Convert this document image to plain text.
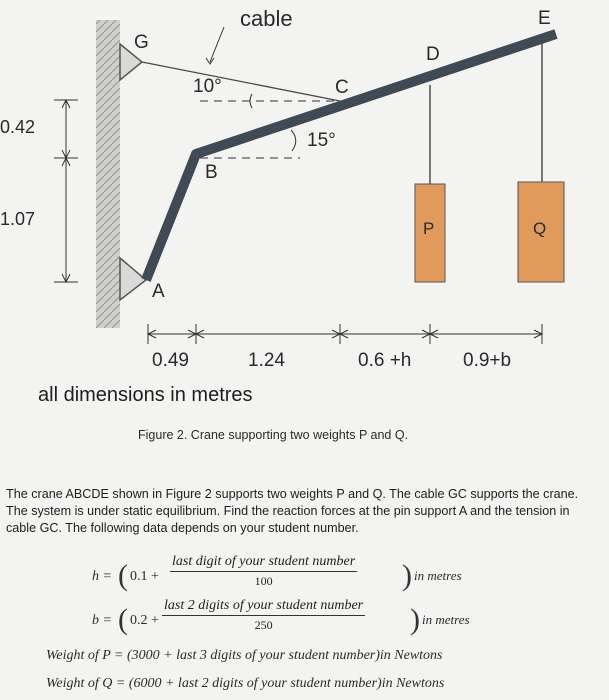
cable
G
E
D
C
B
A
P	Q
10°
15°
0.42
1.07
0.49	1.24	0.6 +h	0.9+b
all dimensions in metres
Figure 2. Crane supporting two weights P and Q.
The crane ABCDE shown in Figure 2 supports two weights P and Q. The cable GC supports the crane. The system is under static equilibrium. Find the reaction forces at the pin support A and the tension in cable GC. The following data depends on your student number.
h = ( 0.1 +
last digit of your student number
100	) in metres
b = ( 0.2 +
last 2 digits of your student number
250	) in metres
Weight of P = (3000 + last 3 digits of your student number)in Newtons
Weight of Q = (6000 + last 2 digits of your student number)in Newtons
